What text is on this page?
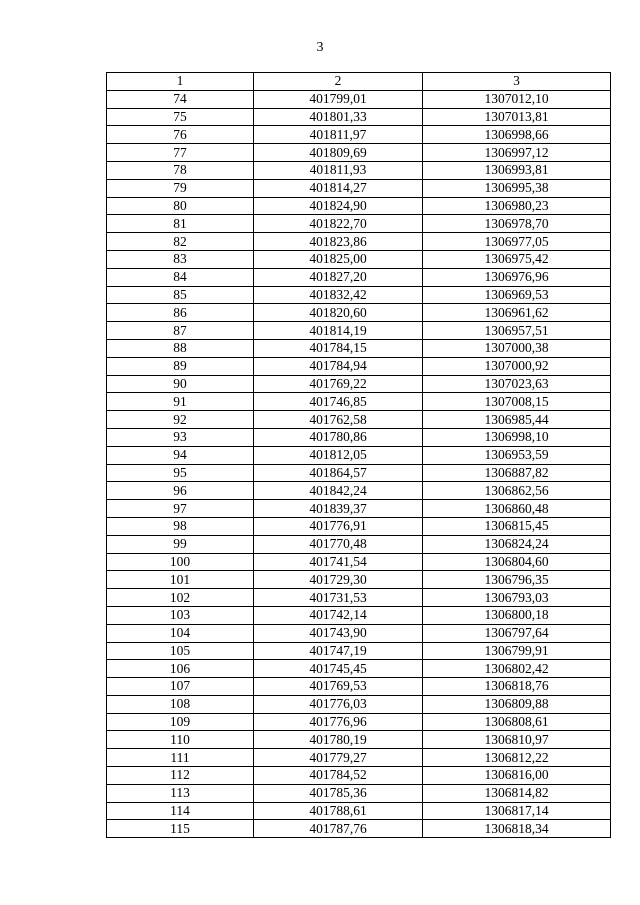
3
1	2	3
74	401799,01	1307012,10
75	401801,33	1307013,81
76	401811,97	1306998,66
77	401809,69	1306997,12
78	401811,93	1306993,81
79	401814,27	1306995,38
80	401824,90	1306980,23
81	401822,70	1306978,70
82	401823,86	1306977,05
83	401825,00	1306975,42
84	401827,20	1306976,96
85	401832,42	1306969,53
86	401820,60	1306961,62
87	401814,19	1306957,51
88	401784,15	1307000,38
89	401784,94	1307000,92
90	401769,22	1307023,63
91	401746,85	1307008,15
92	401762,58	1306985,44
93	401780,86	1306998,10
94	401812,05	1306953,59
95	401864,57	1306887,82
96	401842,24	1306862,56
97	401839,37	1306860,48
98	401776,91	1306815,45
99	401770,48	1306824,24
100	401741,54	1306804,60
101	401729,30	1306796,35
102	401731,53	1306793,03
103	401742,14	1306800,18
104	401743,90	1306797,64
105	401747,19	1306799,91
106	401745,45	1306802,42
107	401769,53	1306818,76
108	401776,03	1306809,88
109	401776,96	1306808,61
110	401780,19	1306810,97
111	401779,27	1306812,22
112	401784,52	1306816,00
113	401785,36	1306814,82
114	401788,61	1306817,14
115	401787,76	1306818,34
